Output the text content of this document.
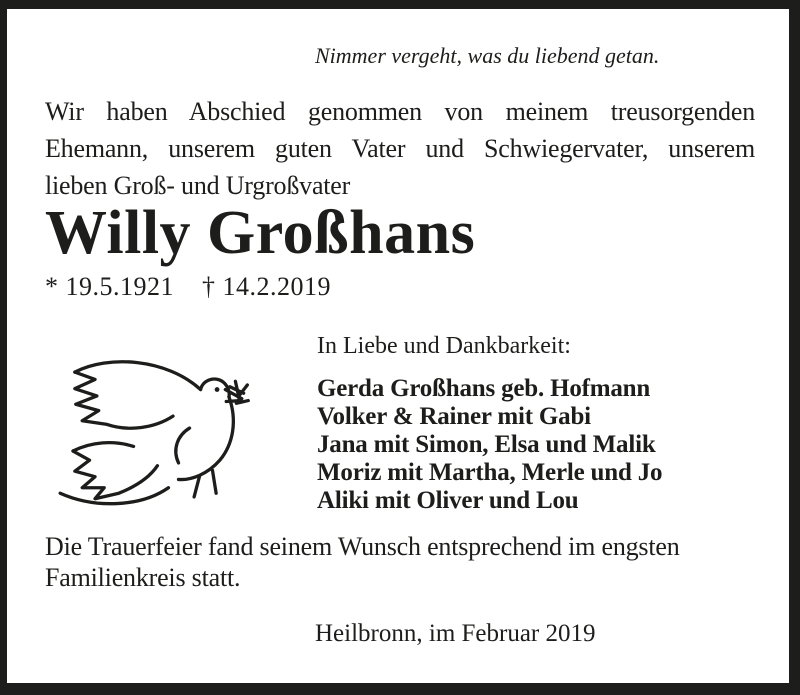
Nimmer vergeht, was du liebend getan.
Wir haben Abschied genommen von meinem treusorgenden
Ehemann, unserem guten Vater und Schwiegervater, unserem
lieben Groß- und Urgroßvater
Willy Großhans
* 19.5.1921 † 14.2.2019
In Liebe und Dankbarkeit:
Gerda Großhans geb. Hofmann
Volker & Rainer mit Gabi
Jana mit Simon, Elsa und Malik
Moriz mit Martha, Merle und Jo
Aliki mit Oliver und Lou
Die Trauerfeier fand seinem Wunsch entsprechend im engsten
Familienkreis statt.
Heilbronn, im Februar 2019
